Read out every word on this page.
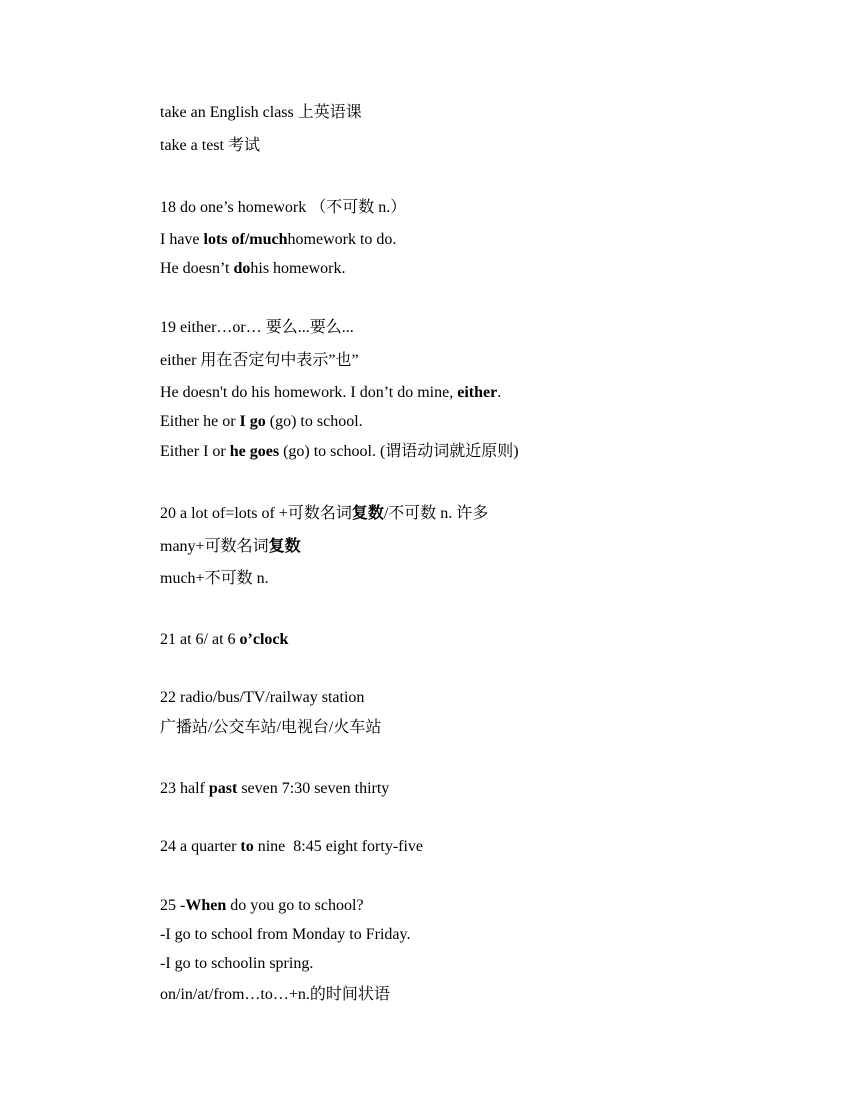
take an English class 上英语课

take a test 考试

18 do one’s homework （不可数 n.）

I have lots of/muchhomework to do.

He doesn’t dohis homework.

19 either…or… 要么...要么...

either 用在否定句中表示”也”

He doesn't do his homework. I don’t do mine, either.

Either he or I go (go) to school.

Either I or he goes (go) to school. (谓语动词就近原则)

20 a lot of=lots of +可数名词复数/不可数 n. 许多

many+可数名词复数

much+不可数 n.

21 at 6/ at 6 o’clock

22 radio/bus/TV/railway station

广播站/公交车站/电视台/火车站

23 half past seven 7:30 seven thirty

24 a quarter to nine  8:45 eight forty-five

25 -When do you go to school?

-I go to school from Monday to Friday.

-I go to schoolin spring.

on/in/at/from…to…+n.的时间状语
